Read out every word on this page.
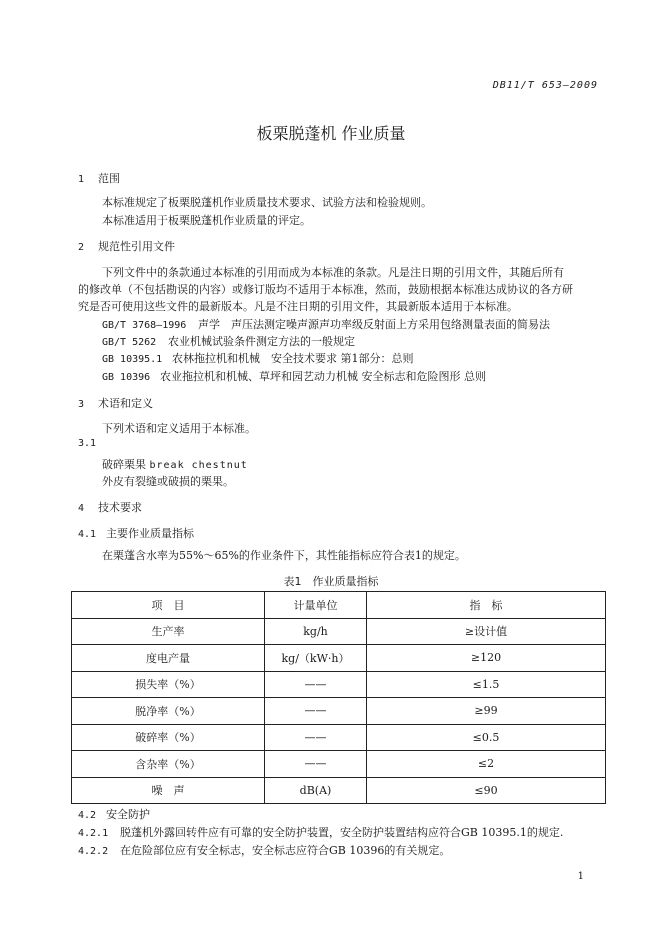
DB11/T 653—2009
板栗脱蓬机 作业质量
1 范围
本标准规定了板栗脱蓬机作业质量技术要求、试验方法和检验规则。
本标准适用于板栗脱蓬机作业质量的评定。
2 规范性引用文件
下列文件中的条款通过本标准的引用而成为本标准的条款。凡是注日期的引用文件，其随后所有
的修改单（不包括勘误的内容）或修订版均不适用于本标准，然而，鼓励根据本标准达成协议的各方研
究是否可使用这些文件的最新版本。凡是不注日期的引用文件，其最新版本适用于本标准。
GB/T 3768—1996 声学　声压法测定噪声源声功率级反射面上方采用包络测量表面的简易法
GB/T 5262 农业机械试验条件测定方法的一般规定
GB 10395.1 农林拖拉机和机械　安全技术要求 第1部分：总则
GB 10396 农业拖拉机和机械、草坪和园艺动力机械 安全标志和危险图形 总则
3 术语和定义
下列术语和定义适用于本标准。
3.1
破碎栗果 break chestnut
外皮有裂缝或破损的栗果。
4 技术要求
4.1 主要作业质量指标
在栗蓬含水率为55%～65%的作业条件下，其性能指标应符合表1的规定。
表1　作业质量指标
项　目	计量单位	指　标
生产率	kg/h	≥设计值
度电产量	kg/（kW·h）	≥120
损失率（%）	——	≤1.5
脱净率（%）	——	≥99
破碎率（%）	——	≤0.5
含杂率（%）	——	≤2
噪　声	dB(A)	≤90
4.2 安全防护
4.2.1 脱蓬机外露回转件应有可靠的安全防护装置，安全防护装置结构应符合GB 10395.1的规定.
4.2.2 在危险部位应有安全标志，安全标志应符合GB 10396的有关规定。
1
